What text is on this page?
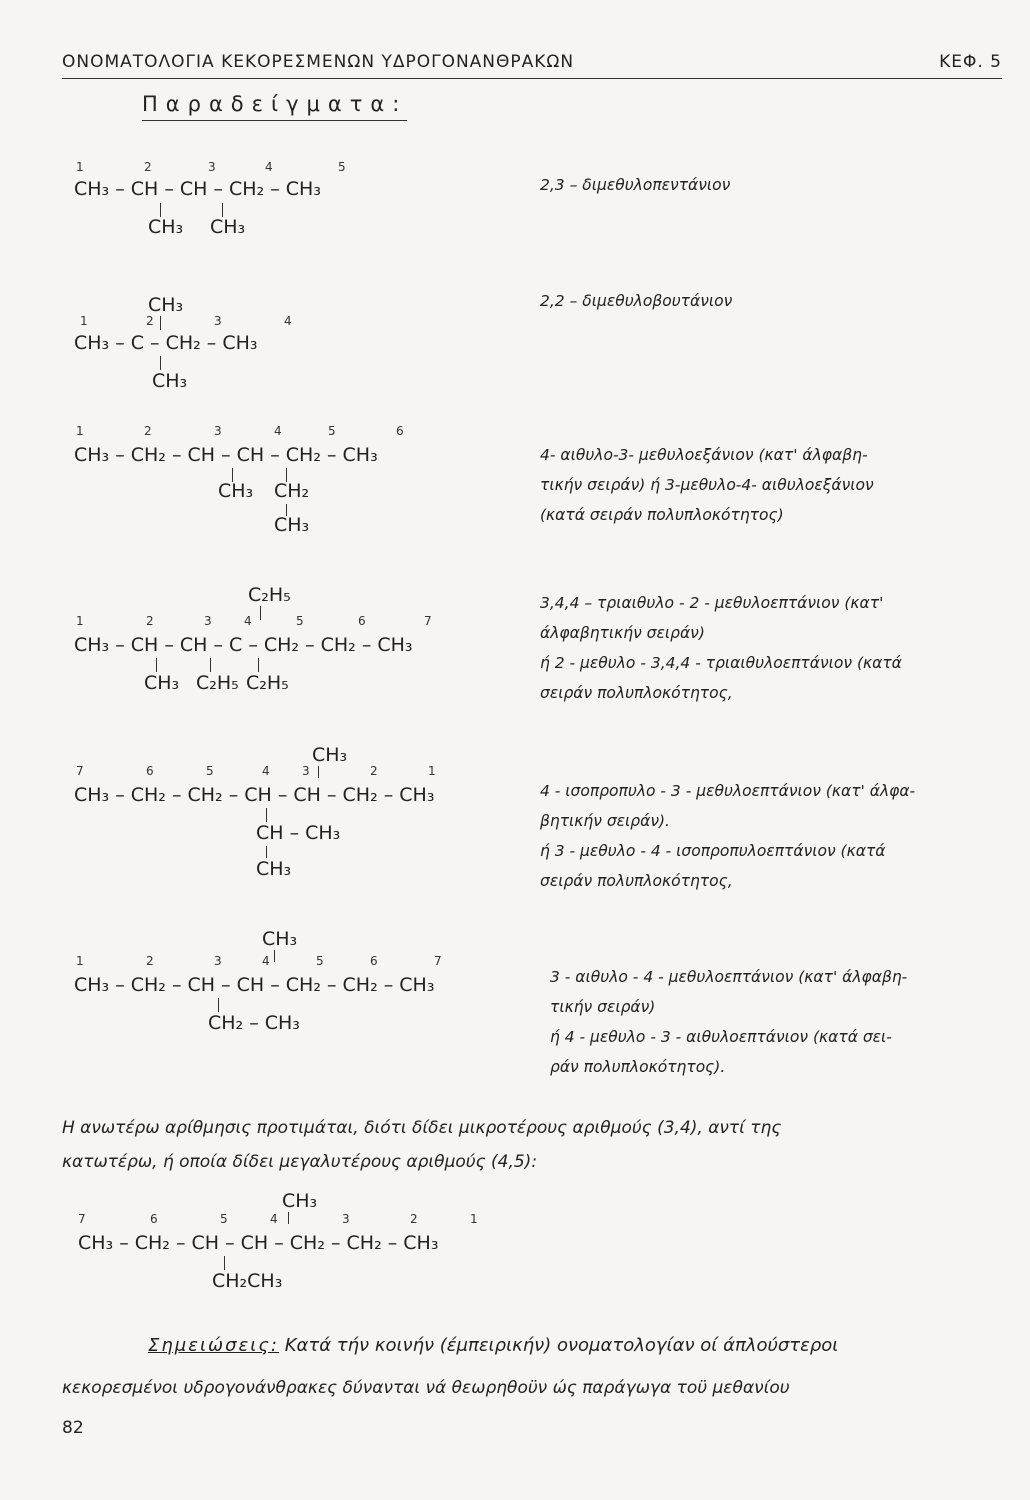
ΟΝΟΜΑΤΟΛΟΓΙΑ ΚΕΚΟΡΕΣΜΕΝΩΝ ΥΔΡΟΓΟΝΑΝΘΡΑΚΩΝ	ΚΕΦ. 5
Παραδείγματα:
1	2	3	4	5
CH₃ – CH – CH – CH₂ – CH₃
CH₃ CH₃
2,3 – διμεθυλοπεντάνιον
CH₃
1	2	3	4
CH₃ – C – CH₂ – CH₃
CH₃
2,2 – διμεθυλοβουτάνιον
1	2	3	4	5	6
CH₃ – CH₂ – CH – CH – CH₂ – CH₃
CH₃ CH₂
CH₃
4- αιθυλο-3- μεθυλοεξάνιον (κατ' άλφαβη-
τικήν σειράν) ή 3-μεθυλο-4- αιθυλοεξάνιον
(κατά σειράν πολυπλοκότητος)
C₂H₅
1	2	3	4	5	6	7
CH₃ – CH – CH – C – CH₂ – CH₂ – CH₃
CH₃ C₂H₅ C₂H₅
3,4,4 – τριαιθυλο - 2 - μεθυλοεπτάνιον (κατ'
άλφαβητικήν σειράν)
ή 2 - μεθυλο - 3,4,4 - τριαιθυλοεπτάνιον (κατά
σειράν πολυπλοκότητος,
CH₃
7	6	5	4	3	2	1
CH₃ – CH₂ – CH₂ – CH – CH – CH₂ – CH₃
CH – CH₃
CH₃
4 - ισοπροπυλο - 3 - μεθυλοεπτάνιον (κατ' άλφα-
βητικήν σειράν).
ή 3 - μεθυλο - 4 - ισοπροπυλοεπτάνιον (κατά
σειράν πολυπλοκότητος,
CH₃
1	2	3	4	5	6	7
CH₃ – CH₂ – CH – CH – CH₂ – CH₂ – CH₃
CH₂ – CH₃
3 - αιθυλο - 4 - μεθυλοεπτάνιον (κατ' άλφαβη-
τικήν σειράν)
ή 4 - μεθυλο - 3 - αιθυλοεπτάνιον (κατά σει-
ράν πολυπλοκότητος).
Η ανωτέρω αρίθμησις προτιμάται, διότι δίδει μικροτέρους αριθμούς (3,4), αντί της
κατωτέρω, ή οποία δίδει μεγαλυτέρους αριθμούς (4,5):
CH₃
7	6	5	4	3	2	1
CH₃ – CH₂ – CH – CH – CH₂ – CH₂ – CH₃
CH₂CH₃
Σημειώσεις: Κατά τήν κοινήν (έμπειρικήν) ονοματολογίαν οί άπλούστεροι
κεκορεσμένοι υδρογονάνθρακες δύνανται νά θεωρηθοϋν ώς παράγωγα τοϋ μεθανίου
82
